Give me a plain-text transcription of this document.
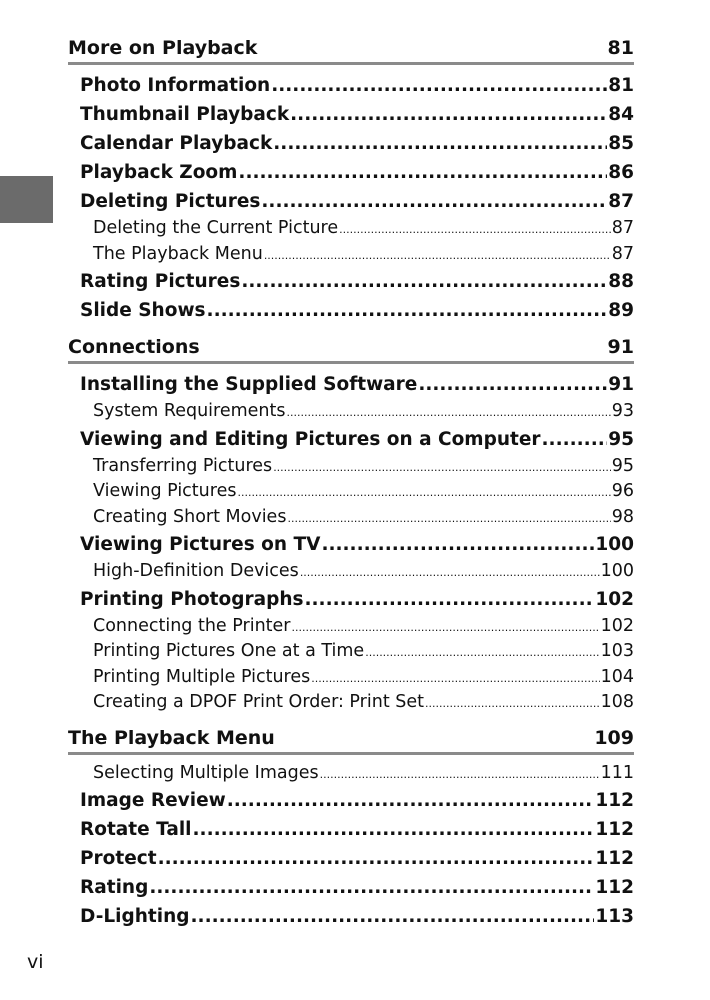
More on Playback	81
Photo Information .....	81
Thumbnail Playback .....	84
Calendar Playback .....	85
Playback Zoom .....	86
Deleting Pictures .....	87
Deleting the Current Picture .....	87
The Playback Menu .....	87
Rating Pictures .....	88
Slide Shows .....	89
Connections	91
Installing the Supplied Software .....	91
System Requirements .....	93
Viewing and Editing Pictures on a Computer .....	95
Transferring Pictures .....	95
Viewing Pictures .....	96
Creating Short Movies .....	98
Viewing Pictures on TV .....	100
High-Definition Devices .....	100
Printing Photographs .....	102
Connecting the Printer .....	102
Printing Pictures One at a Time .....	103
Printing Multiple Pictures .....	104
Creating a DPOF Print Order: Print Set .....	108
The Playback Menu	109
Selecting Multiple Images .....	111
Image Review .....	112
Rotate Tall .....	112
Protect .....	112
Rating .....	112
D-Lighting .....	113
vi
